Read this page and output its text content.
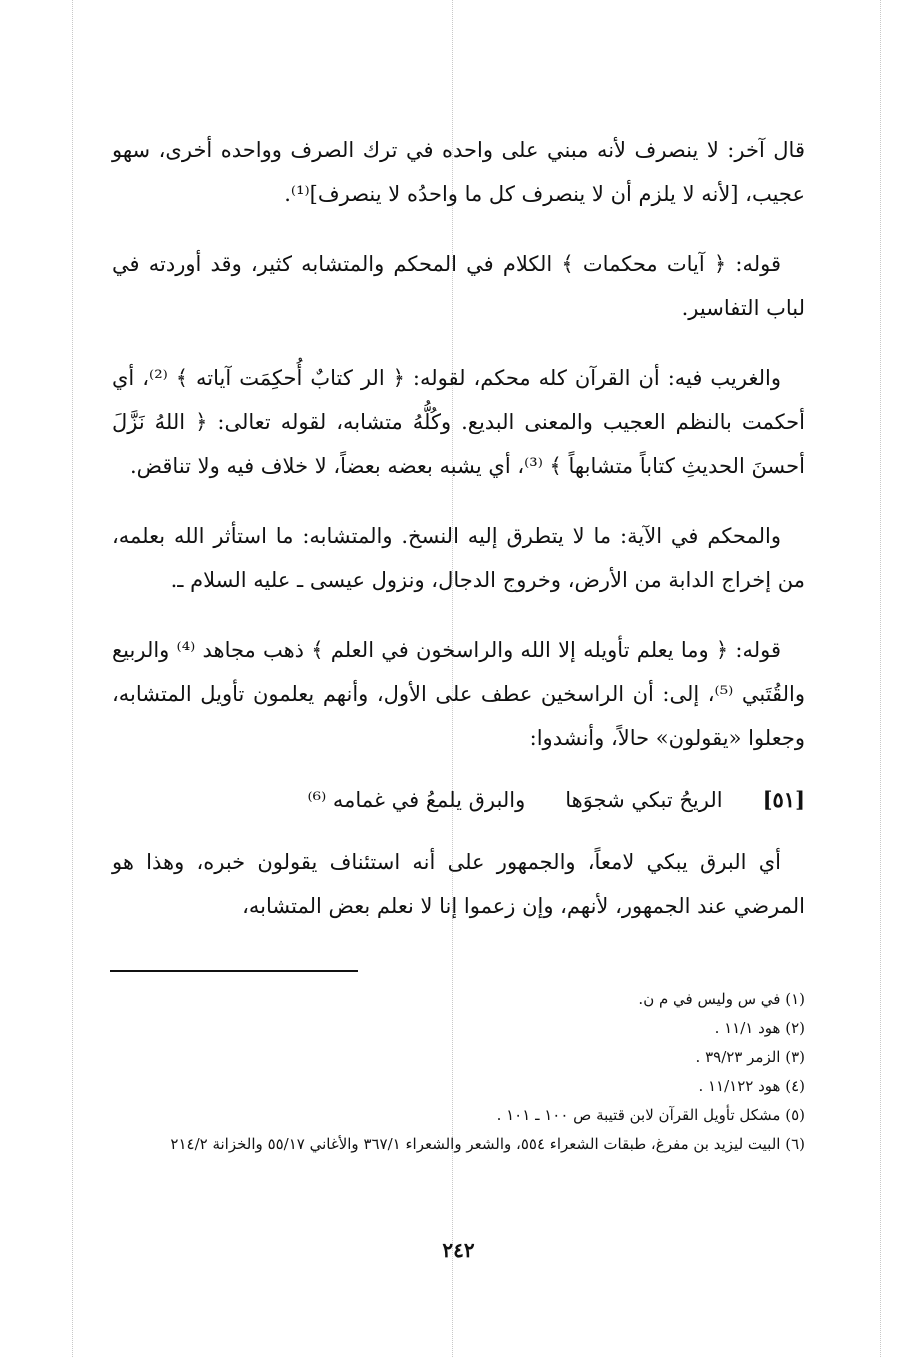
قال آخر: لا ينصرف لأنه مبني على واحده في ترك الصرف وواحده أخرى، سهو عجيب، [لأنه لا يلزم أن لا ينصرف كل ما واحدُه لا ينصرف]⁽¹⁾.

قوله: ﴿ آيات محكمات ﴾ الكلام في المحكم والمتشابه كثير، وقد أوردته في لباب التفاسير.

والغريب فيه: أن القرآن كله محكم، لقوله: ﴿ الر كتابٌ أُحكِمَت آياته ﴾ ⁽²⁾، أي أحكمت بالنظم العجيب والمعنى البديع. وكُلُّهُ متشابه، لقوله تعالى: ﴿ اللهُ نَزَّلَ أحسنَ الحديثِ كتاباً متشابهاً ﴾ ⁽³⁾، أي يشبه بعضه بعضاً، لا خلاف فيه ولا تناقض.

والمحكم في الآية: ما لا يتطرق إليه النسخ. والمتشابه: ما استأثر الله بعلمه، من إخراج الدابة من الأرض، وخروج الدجال، ونزول عيسى ـ عليه السلام ـ.

قوله: ﴿ وما يعلم تأويله إلا الله والراسخون في العلم ﴾ ذهب مجاهد ⁽⁴⁾ والربيع والقُتَبي ⁽⁵⁾، إلى: أن الراسخين عطف على الأول، وأنهم يعلمون تأويل المتشابه، وجعلوا «يقولون» حالاً، وأنشدوا:

[٥١]
الريحُ تبكي شجوَها
والبرق يلمعُ في غمامه ⁽⁶⁾

أي البرق يبكي لامعاً، والجمهور على أنه استئناف يقولون خبره، وهذا هو المرضي عند الجمهور، لأنهم، وإن زعموا إنا لا نعلم بعض المتشابه،

(١) في س وليس في م ن.

(٢) هود ١١/١ .

(٣) الزمر ٣٩/٢٣ .

(٤) هود ١١/١٢٢ .

(٥) مشكل تأويل القرآن لابن قتيبة ص ١٠٠ ـ ١٠١ .

(٦) البيت ليزيد بن مفرغ، طبقات الشعراء ٥٥٤، والشعر والشعراء ٣٦٧/١ والأغاني ٥٥/١٧ والخزانة ٢١٤/٢

٢٤٢
